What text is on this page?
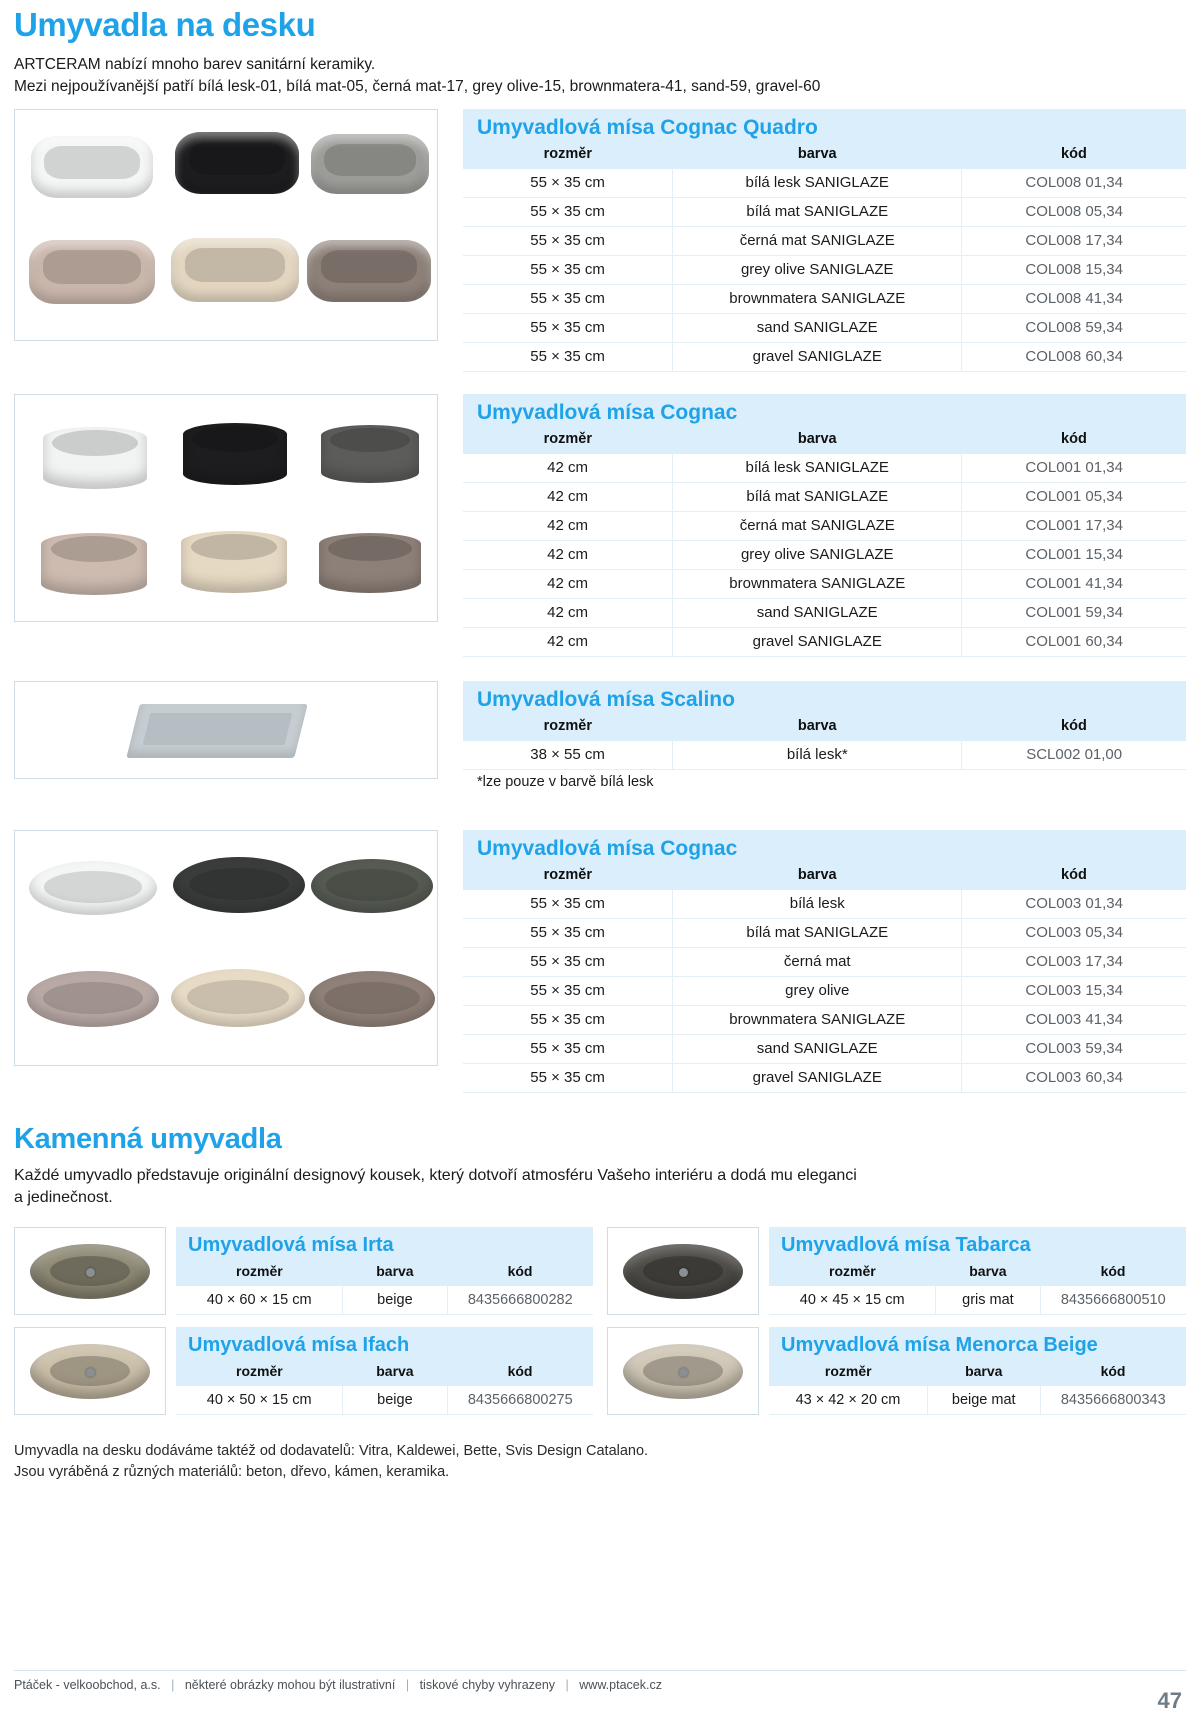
Umyvadla na desku
ARTCERAM nabízí mnoho barev sanitární keramiky.
Mezi nejpoužívanější patří bílá lesk-01, bílá mat-05, černá mat-17, grey olive-15, brownmatera-41, sand-59, gravel-60
Umyvadlová mísa Cognac Quadro
rozměr	barva	kód
55 × 35 cm	bílá lesk SANIGLAZE	COL008 01,34
55 × 35 cm	bílá mat SANIGLAZE	COL008 05,34
55 × 35 cm	černá mat SANIGLAZE	COL008 17,34
55 × 35 cm	grey olive SANIGLAZE	COL008 15,34
55 × 35 cm	brownmatera SANIGLAZE	COL008 41,34
55 × 35 cm	sand SANIGLAZE	COL008 59,34
55 × 35 cm	gravel SANIGLAZE	COL008 60,34
Umyvadlová mísa Cognac
rozměr	barva	kód
42 cm	bílá lesk SANIGLAZE	COL001 01,34
42 cm	bílá mat SANIGLAZE	COL001 05,34
42 cm	černá mat SANIGLAZE	COL001 17,34
42 cm	grey olive SANIGLAZE	COL001 15,34
42 cm	brownmatera SANIGLAZE	COL001 41,34
42 cm	sand SANIGLAZE	COL001 59,34
42 cm	gravel SANIGLAZE	COL001 60,34
Umyvadlová mísa Scalino
rozměr	barva	kód
38 × 55 cm	bílá lesk*	SCL002 01,00
*lze pouze v barvě bílá lesk
Umyvadlová mísa Cognac
rozměr	barva	kód
55 × 35 cm	bílá lesk	COL003 01,34
55 × 35 cm	bílá mat SANIGLAZE	COL003 05,34
55 × 35 cm	černá mat	COL003 17,34
55 × 35 cm	grey olive	COL003 15,34
55 × 35 cm	brownmatera SANIGLAZE	COL003 41,34
55 × 35 cm	sand SANIGLAZE	COL003 59,34
55 × 35 cm	gravel SANIGLAZE	COL003 60,34
Kamenná umyvadla
Každé umyvadlo představuje originální designový kousek, který dotvoří atmosféru Vašeho interiéru a dodá mu eleganci
a jedinečnost.
Umyvadlová mísa Irta
rozměr	barva	kód
40 × 60 × 15 cm	beige	8435666800282
Umyvadlová mísa Tabarca
rozměr	barva	kód
40 × 45 × 15 cm	gris mat	8435666800510
Umyvadlová mísa Ifach
rozměr	barva	kód
40 × 50 × 15 cm	beige	8435666800275
Umyvadlová mísa Menorca Beige
rozměr	barva	kód
43 × 42 × 20 cm	beige mat	8435666800343
Umyvadla na desku dodáváme taktéž od dodavatelů: Vitra, Kaldewei, Bette, Svis Design Catalano.
Jsou vyráběná z různých materiálů: beton, dřevo, kámen, keramika.
Ptáček - velkoobchod, a.s. | některé obrázky mohou být ilustrativní | tiskové chyby vyhrazeny | www.ptacek.cz
47
